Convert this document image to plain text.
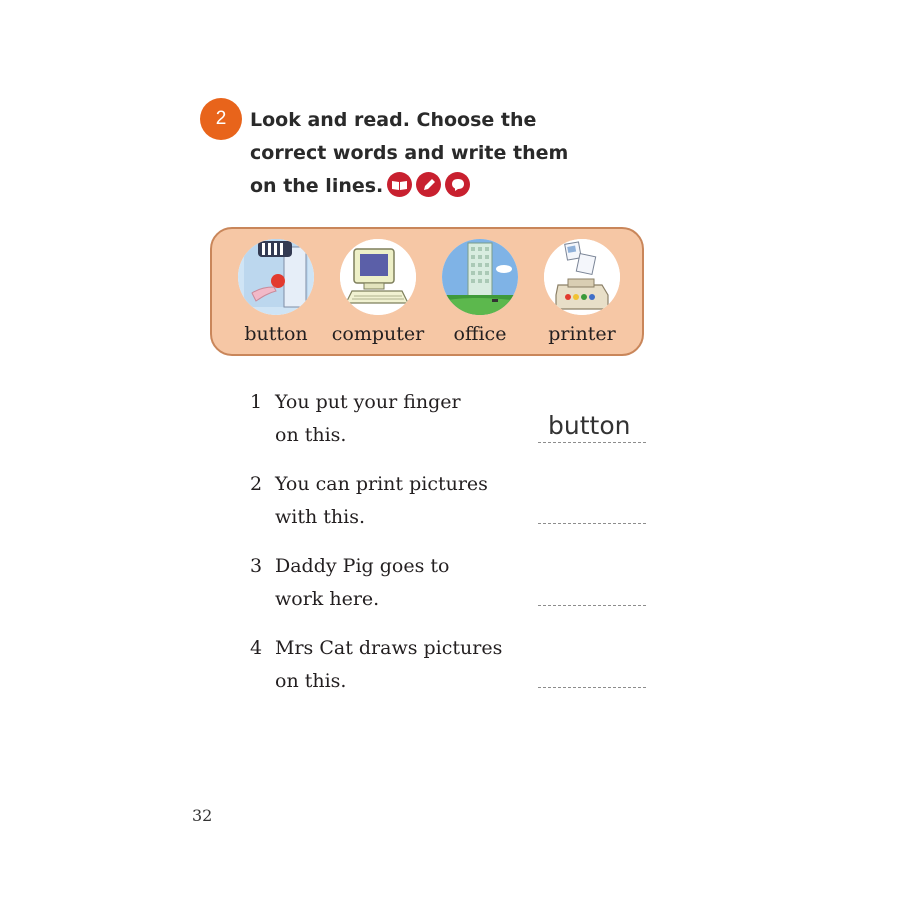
2 Look and read. Choose the
correct words and write them
on the lines.
button	computer	office	printer
1 You put your finger
on this.	button
2 You can print pictures
with this.
3 Daddy Pig goes to
work here.
4 Mrs Cat draws pictures
on this.
32
